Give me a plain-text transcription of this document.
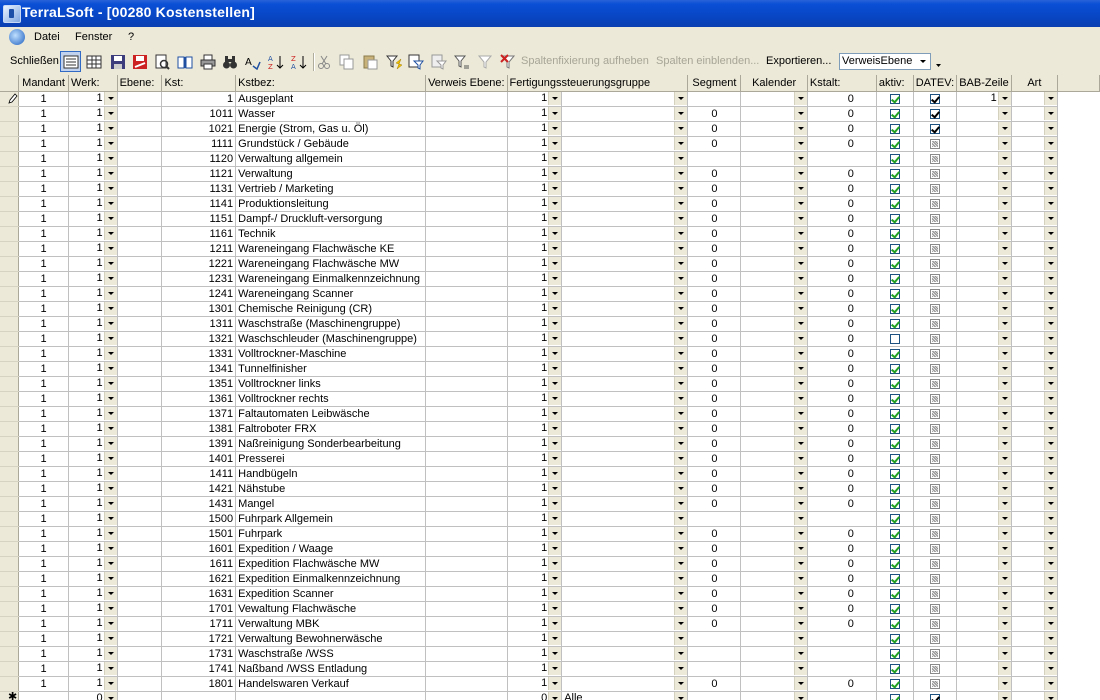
TerraLSoft - [00280 Kostenstellen]
Datei Fenster ?
Schließen	A A
Z
Z
A	Spaltenfixierung aufheben Spalten einblenden... Exportieren... VerweisEbene
	Mandant	Werk:	Ebene:	Kst:	Kstbez:	Verweis Ebene:	Fertigungssteuerungsgruppe		Segment	Kalender	Kstalt:	aktiv:	DATEV:	BAB-Zeile	Art	

	1	1		1	Ausgeplant		1				0			1		

	1	1		1011	Wasser		1		0		0			

	1	1		1021	Energie (Strom, Gas u. Öl)		1		0		0			

	1	1		1111	Grundstück / Gebäude		1		0		0			

	1	1		1120	Verwaltung allgemein		1									

	1	1		1121	Verwaltung		1		0		0			

	1	1		1131	Vertrieb / Marketing		1		0		0			

	1	1		1141	Produktionsleitung		1		0		0			

	1	1		1151	Dampf-/ Druckluft-versorgung		1		0		0			

	1	1		1161	Technik		1		0		0			

	1	1		1211	Wareneingang Flachwäsche KE		1		0		0			

	1	1		1221	Wareneingang Flachwäsche MW		1		0		0			

	1	1		1231	Wareneingang Einmalkennzeichnung		1		0		0			

	1	1		1241	Wareneingang Scanner		1		0		0			

	1	1		1301	Chemische Reinigung (CR)		1		0		0			

	1	1		1311	Waschstraße (Maschinengruppe)		1		0		0			

	1	1		1321	Waschschleuder (Maschinengruppe)		1		0		0			

	1	1		1331	Volltrockner-Maschine		1		0		0			

	1	1		1341	Tunnelfinisher		1		0		0			

	1	1		1351	Volltrockner links		1		0		0			

	1	1		1361	Volltrockner rechts		1		0		0			

	1	1		1371	Faltautomaten Leibwäsche		1		0		0			

	1	1		1381	Faltroboter FRX		1		0		0			

	1	1		1391	Naßreinigung Sonderbearbeitung		1		0		0			

	1	1		1401	Presserei		1		0		0			

	1	1		1411	Handbügeln		1		0		0			

	1	1		1421	Nähstube		1		0		0			

	1	1		1431	Mangel		1		0		0			

	1	1		1500	Fuhrpark Allgemein		1									

	1	1		1501	Fuhrpark		1		0		0			

	1	1		1601	Expedition / Waage		1		0		0			

	1	1		1611	Expedition Flachwäsche MW		1		0		0			

	1	1		1621	Expedition Einmalkennzeichnung		1		0		0			

	1	1		1631	Expedition Scanner		1		0		0			

	1	1		1701	Vewaltung Flachwäsche		1		0		0			

	1	1		1711	Verwaltung MBK		1		0		0			

	1	1		1721	Verwaltung Bewohnerwäsche		1									

	1	1		1731	Waschstraße /WSS		1									

	1	1		1741	Naßband /WSS Entladung		1									

	1	1		1801	Handelswaren Verkauf		1		0		0			

✱		0					0	Alle								
